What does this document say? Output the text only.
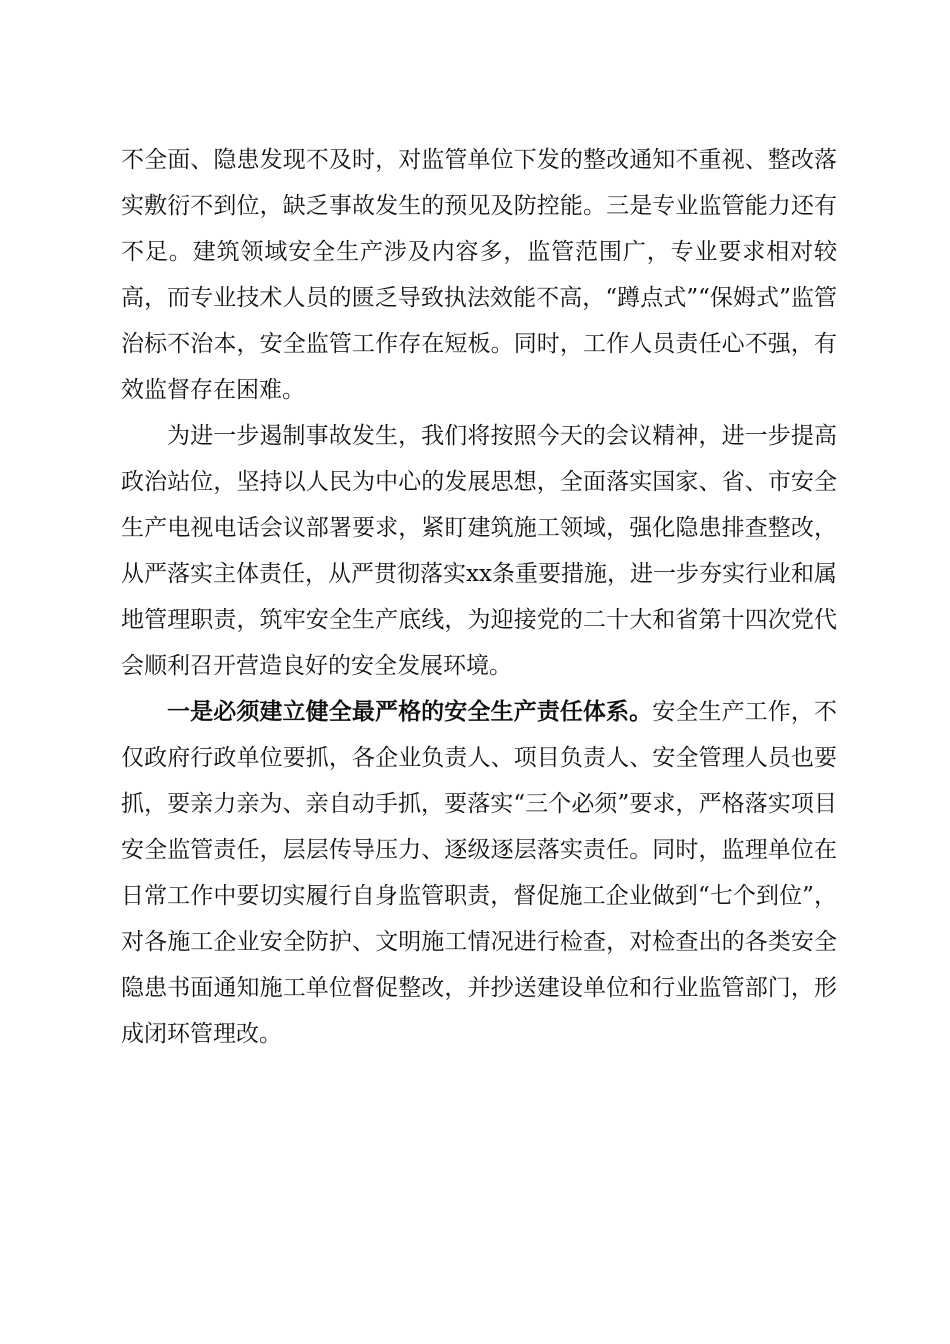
不全面、隐患发现不及时，对监管单位下发的整改通知不重视、整改落实敷衍不到位，缺乏事故发生的预见及防控能。三是专业监管能力还有不足。建筑领域安全生产涉及内容多，监管范围广，专业要求相对较高，而专业技术人员的匮乏导致执法效能不高，“蹲点式”“保姆式”监管治标不治本，安全监管工作存在短板。同时，工作人员责任心不强，有效监督存在困难。

为进一步遏制事故发生，我们将按照今天的会议精神，进一步提高政治站位，坚持以人民为中心的发展思想，全面落实国家、省、市安全生产电视电话会议部署要求，紧盯建筑施工领域，强化隐患排查整改，从严落实主体责任，从严贯彻落实xx条重要措施，进一步夯实行业和属地管理职责，筑牢安全生产底线，为迎接党的二十大和省第十四次党代会顺利召开营造良好的安全发展环境。

一是必须建立健全最严格的安全生产责任体系。安全生产工作，不仅政府行政单位要抓，各企业负责人、项目负责人、安全管理人员也要抓，要亲力亲为、亲自动手抓，要落实“三个必须”要求，严格落实项目安全监管责任，层层传导压力、逐级逐层落实责任。同时，监理单位在日常工作中要切实履行自身监管职责，督促施工企业做到“七个到位”，对各施工企业安全防护、文明施工情况进行检查，对检查出的各类安全隐患书面通知施工单位督促整改，并抄送建设单位和行业监管部门，形成闭环管理改。
